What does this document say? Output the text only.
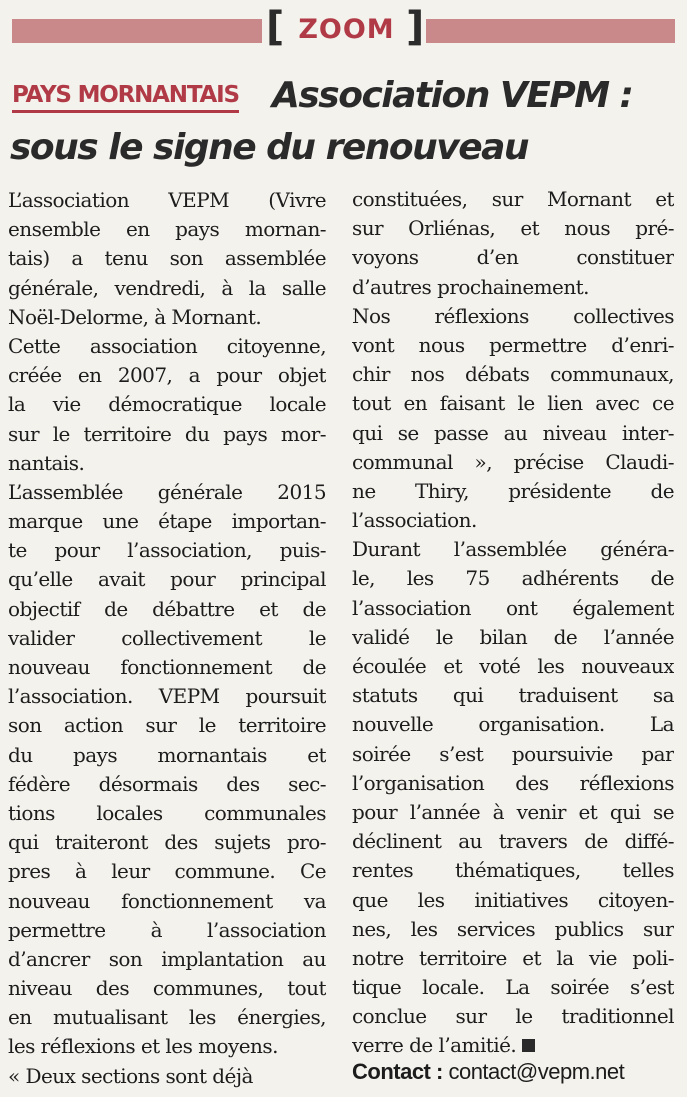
[ ZOOM ]
PAYS MORNANTAIS Association VEPM :
sous le signe du renouveau
L’association VEPM (Vivre
ensemble en pays mornan-
tais) a tenu son assemblée
générale, vendredi, à la salle
Noël-Delorme, à Mornant.
Cette association citoyenne,
créée en 2007, a pour objet
la vie démocratique locale
sur le territoire du pays mor-
nantais.
L’assemblée générale 2015
marque une étape importan-
te pour l’association, puis-
qu’elle avait pour principal
objectif de débattre et de
valider collectivement le
nouveau fonctionnement de
l’association. VEPM poursuit
son action sur le territoire
du pays mornantais et
fédère désormais des sec-
tions locales communales
qui traiteront des sujets pro-
pres à leur commune. Ce
nouveau fonctionnement va
permettre à l’association
d’ancrer son implantation au
niveau des communes, tout
en mutualisant les énergies,
les réflexions et les moyens.
« Deux sections sont déjà
constituées, sur Mornant et
sur Orliénas, et nous pré-
voyons d’en constituer
d’autres prochainement.
Nos réflexions collectives
vont nous permettre d’enri-
chir nos débats communaux,
tout en faisant le lien avec ce
qui se passe au niveau inter-
communal », précise Claudi-
ne Thiry, présidente de
l’association.
Durant l’assemblée généra-
le, les 75 adhérents de
l’association ont également
validé le bilan de l’année
écoulée et voté les nouveaux
statuts qui traduisent sa
nouvelle organisation. La
soirée s’est poursuivie par
l’organisation des réflexions
pour l’année à venir et qui se
déclinent au travers de diffé-
rentes thématiques, telles
que les initiatives citoyen-
nes, les services publics sur
notre territoire et la vie poli-
tique locale. La soirée s’est
conclue sur le traditionnel
verre de l’amitié.
Contact : contact@vepm.net
